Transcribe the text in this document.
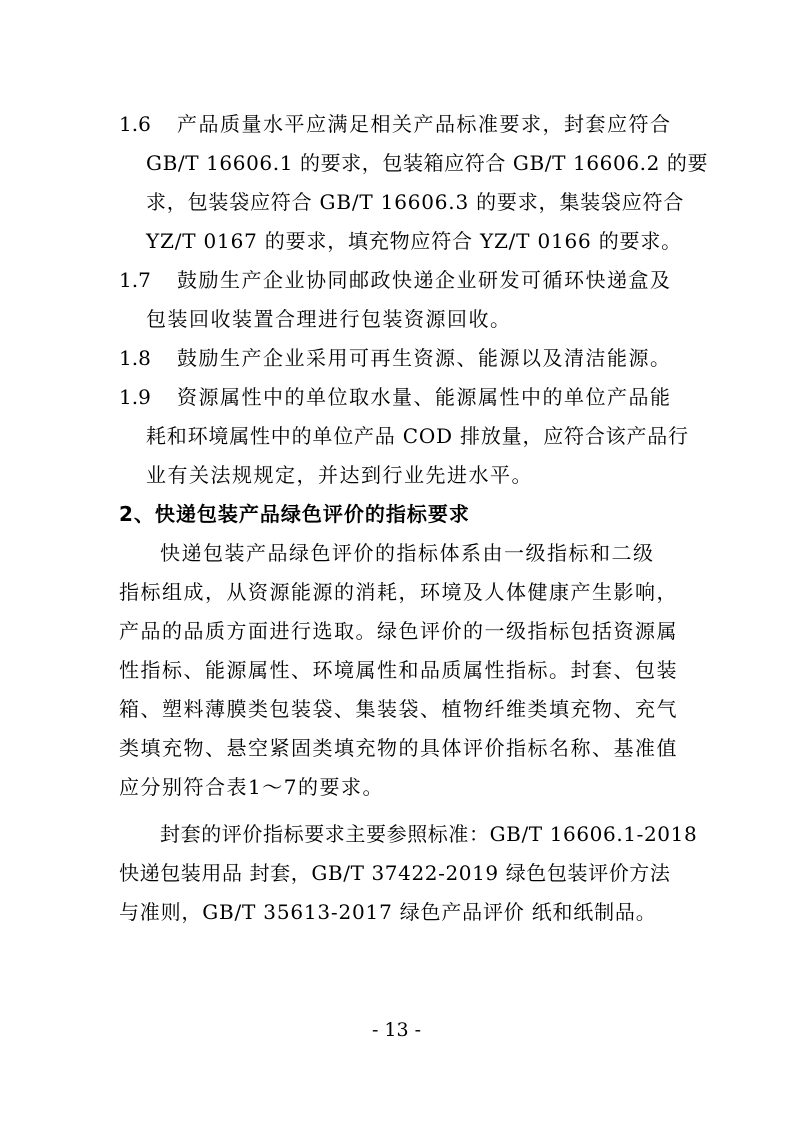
1.6 产品质量水平应满足相关产品标准要求，封套应符合
GB/T 16606.1 的要求，包装箱应符合 GB/T 16606.2 的要
求，包装袋应符合 GB/T 16606.3 的要求，集装袋应符合
YZ/T 0167 的要求，填充物应符合 YZ/T 0166 的要求。
1.7 鼓励生产企业协同邮政快递企业研发可循环快递盒及
包装回收装置合理进行包装资源回收。
1.8 鼓励生产企业采用可再生资源、能源以及清洁能源。
1.9 资源属性中的单位取水量、能源属性中的单位产品能
耗和环境属性中的单位产品 COD 排放量，应符合该产品行
业有关法规规定，并达到行业先进水平。
2、快递包装产品绿色评价的指标要求
快递包装产品绿色评价的指标体系由一级指标和二级
指标组成，从资源能源的消耗，环境及人体健康产生影响，
产品的品质方面进行选取。绿色评价的一级指标包括资源属
性指标、能源属性、环境属性和品质属性指标。封套、包装
箱、塑料薄膜类包装袋、集装袋、植物纤维类填充物、充气
类填充物、悬空紧固类填充物的具体评价指标名称、基准值
应分别符合表1～7的要求。
封套的评价指标要求主要参照标准：GB/T 16606.1-2018
快递包装用品 封套，GB/T 37422-2019 绿色包装评价方法
与准则，GB/T 35613-2017 绿色产品评价 纸和纸制品。
- 13 -
